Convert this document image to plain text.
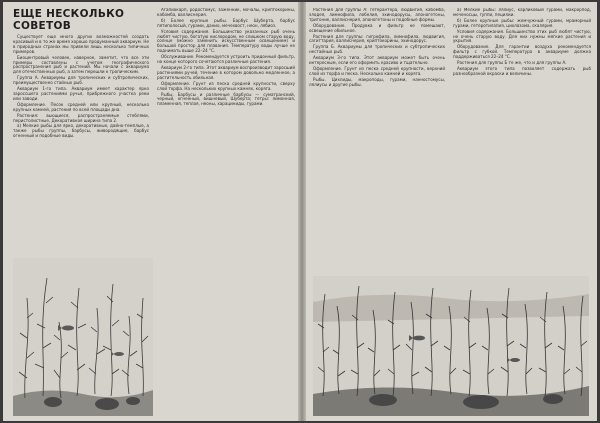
ЕЩЕ НЕСКОЛЬКО СОВЕТОВ

Существует еще много других возможностей создать красивый и в то же время хорошо продуманный аквариум. Не в природных странах мы привели лишь несколько типичных примеров.

Биоцентровый человек, наверное, заметит, что все эти примеры составлены с учетом географического распространения рыб и растений. Мы начали с аквариума для отечественных рыб, а затем перешли к тропическим.

Группа А. Аквариумы для тропических и субтропических, преимущественно стайных рыб.

Аквариум 1-го типа. Аквариум имеет характер ярко зароссшего растениями ручья, прибрежного участка реки или заводи.

Оформление. Песок средней или крупный, несколько крупных камней, растения по всей площади дна.

Растения: вьющиеся, распространяемые стеблями, перистолистные, Декоративная ширина типа 2.

а) Мелкие рыбы для ярко, декоративные, дайно-темплые, а также рыбы группы, барбусы, живородящие, барбус огненный и подобные виды.

Агапиокарп, родостомус, заженник, мочалы, криптокорины, кабомба, валлиснерия.

б) Более крупные рыбы. Барбус Шуберта, барбус пятиполосый, гурами, данио, мечехвост, неон, лябиоз.

Условия содержания. Большинство указанных рыб очень любят чистую, богатую кислородом, не слишком старую воду, солнце (можно заменить искусственным освещением) и большой простор для плавания. Температуру воды лучше не поднимать выше 22–24 °С.

Обслуживание. Рекомендуется устроить придонный фильтр, на конце которого сочетаются различные растения.

Аквариум 2-го типа. Этот аквариум воспроизводит заросший растениями ручей, течение в котором довольно медленное, а растительность обильная.

Оформление. Грунт из песка средней крупности, сверху слой торфа. На нескольких крупных камнях, коряга.

Рыбы. Барбусы и различные барбусы — суматранский, черный, огненный, вишневый, Шуберта; тетры: лимонная, пламенная, теплая, неоны, харациниды, гурами.

Растения для группы А: гетерантера, людвигия, кабомба, элодея, лимнофила, лобелия, эхинодорусы, апоногетоны, тритоник, валлиснерия, апоногетоны и подобные формы.

Оборудование. Продувка и фильтр не помешают, освещение обильное.

Растения для группы: гигрофила, лимнофила, людвигия, сагиттария, валлиснерия, криптокорины, эхинодорус.

Группа Б. Аквариумы для тропических и субтропических нестайных рыб.

Аквариум 3-го типа. Этот аквариум может быть очень интересным, если его оформить красиво и тщательно.

Оформление. Грунт из песка средней крупности, верхний слой из торфа и песка. Несколько камней и коряга.

Рыбы. Цихлиды, макроподы, гурами, нанностомусы, лялиусы и другие рыбы.

а) Мелкие рыбы: лялиус, карликовый гурами, макрорпод, меченосцы, гуппи, пецилии.

б) Более крупные рыбы: жемчужный гурами, мраморный гурами, гетеротилапия, цихлазома, скалярия.

Условия содержания. Большинство этих рыб любят чистую, не очень старую воду. Для них нужны мягкие растения и укрытия.

Оборудование. Для гарантии воздуха рекомендуется фильтр с губкой. Температура в аквариуме должна поддерживаться 22–24 °С.

Растения для группы Б те же, что и для группы А.

Аквариум этого типа позволяет содержать рыб разнообразной окраски и величины.
